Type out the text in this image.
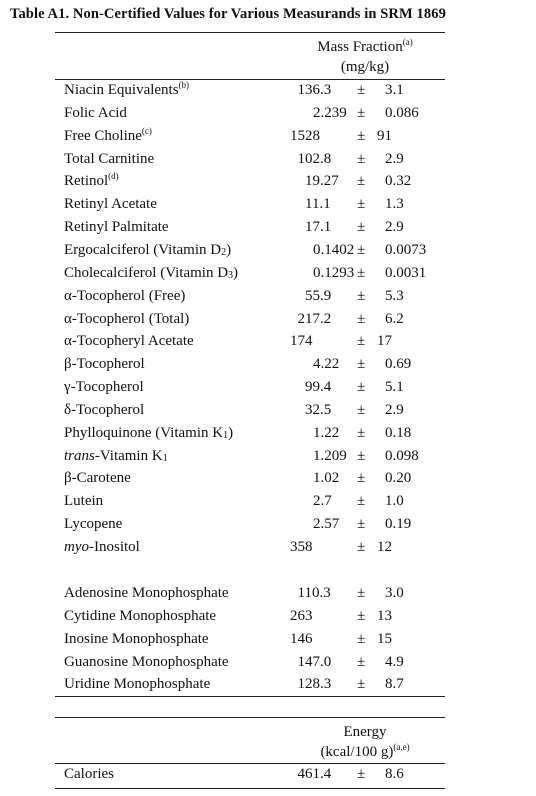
Table A1. Non-Certified Values for Various Measurands in SRM 1869
Mass Fraction$^{(a)}$
(mg/kg)
Niacin Equivalents$^{(b)}$	136.3 ± 3.1
Folic Acid	2.239 ± 0.086
Free Choline$^{(c)}$	1528 ± 91
Total Carnitine	102.8 ± 2.9
Retinol$^{(d)}$	19.27 ± 0.32
Retinyl Acetate	11.1 ± 1.3
Retinyl Palmitate	17.1 ± 2.9
Ergocalciferol (Vitamin $D_2$)	0.1402 ± 0.0073
Cholecalciferol (Vitamin $D_3$)	0.1293 ± 0.0031
α-Tocopherol (Free)	55.9 ± 5.3
α-Tocopherol (Total)	217.2 ± 6.2
α-Tocopheryl Acetate	174	± 17
β-Tocopherol	4.22 ± 0.69
γ-Tocopherol	99.4 ± 5.1
δ-Tocopherol	32.5 ± 2.9
Phylloquinone (Vitamin $K_1$)	1.22 ± 0.18
trans-Vitamin $K_1$	1.209 ± 0.098
β-Carotene	1.02 ± 0.20
Lutein	2.7 ± 1.0
Lycopene	2.57 ± 0.19
myo-Inositol	358	± 12
Adenosine Monophosphate	110.3 ± 3.0
Cytidine Monophosphate	263	± 13
Inosine Monophosphate	146	± 15
Guanosine Monophosphate	147.0 ± 4.9
Uridine Monophosphate	128.3 ± 8.7
Energy
(kcal/100 g)$^{(a,e)}$
Calories	461.4 ± 8.6
